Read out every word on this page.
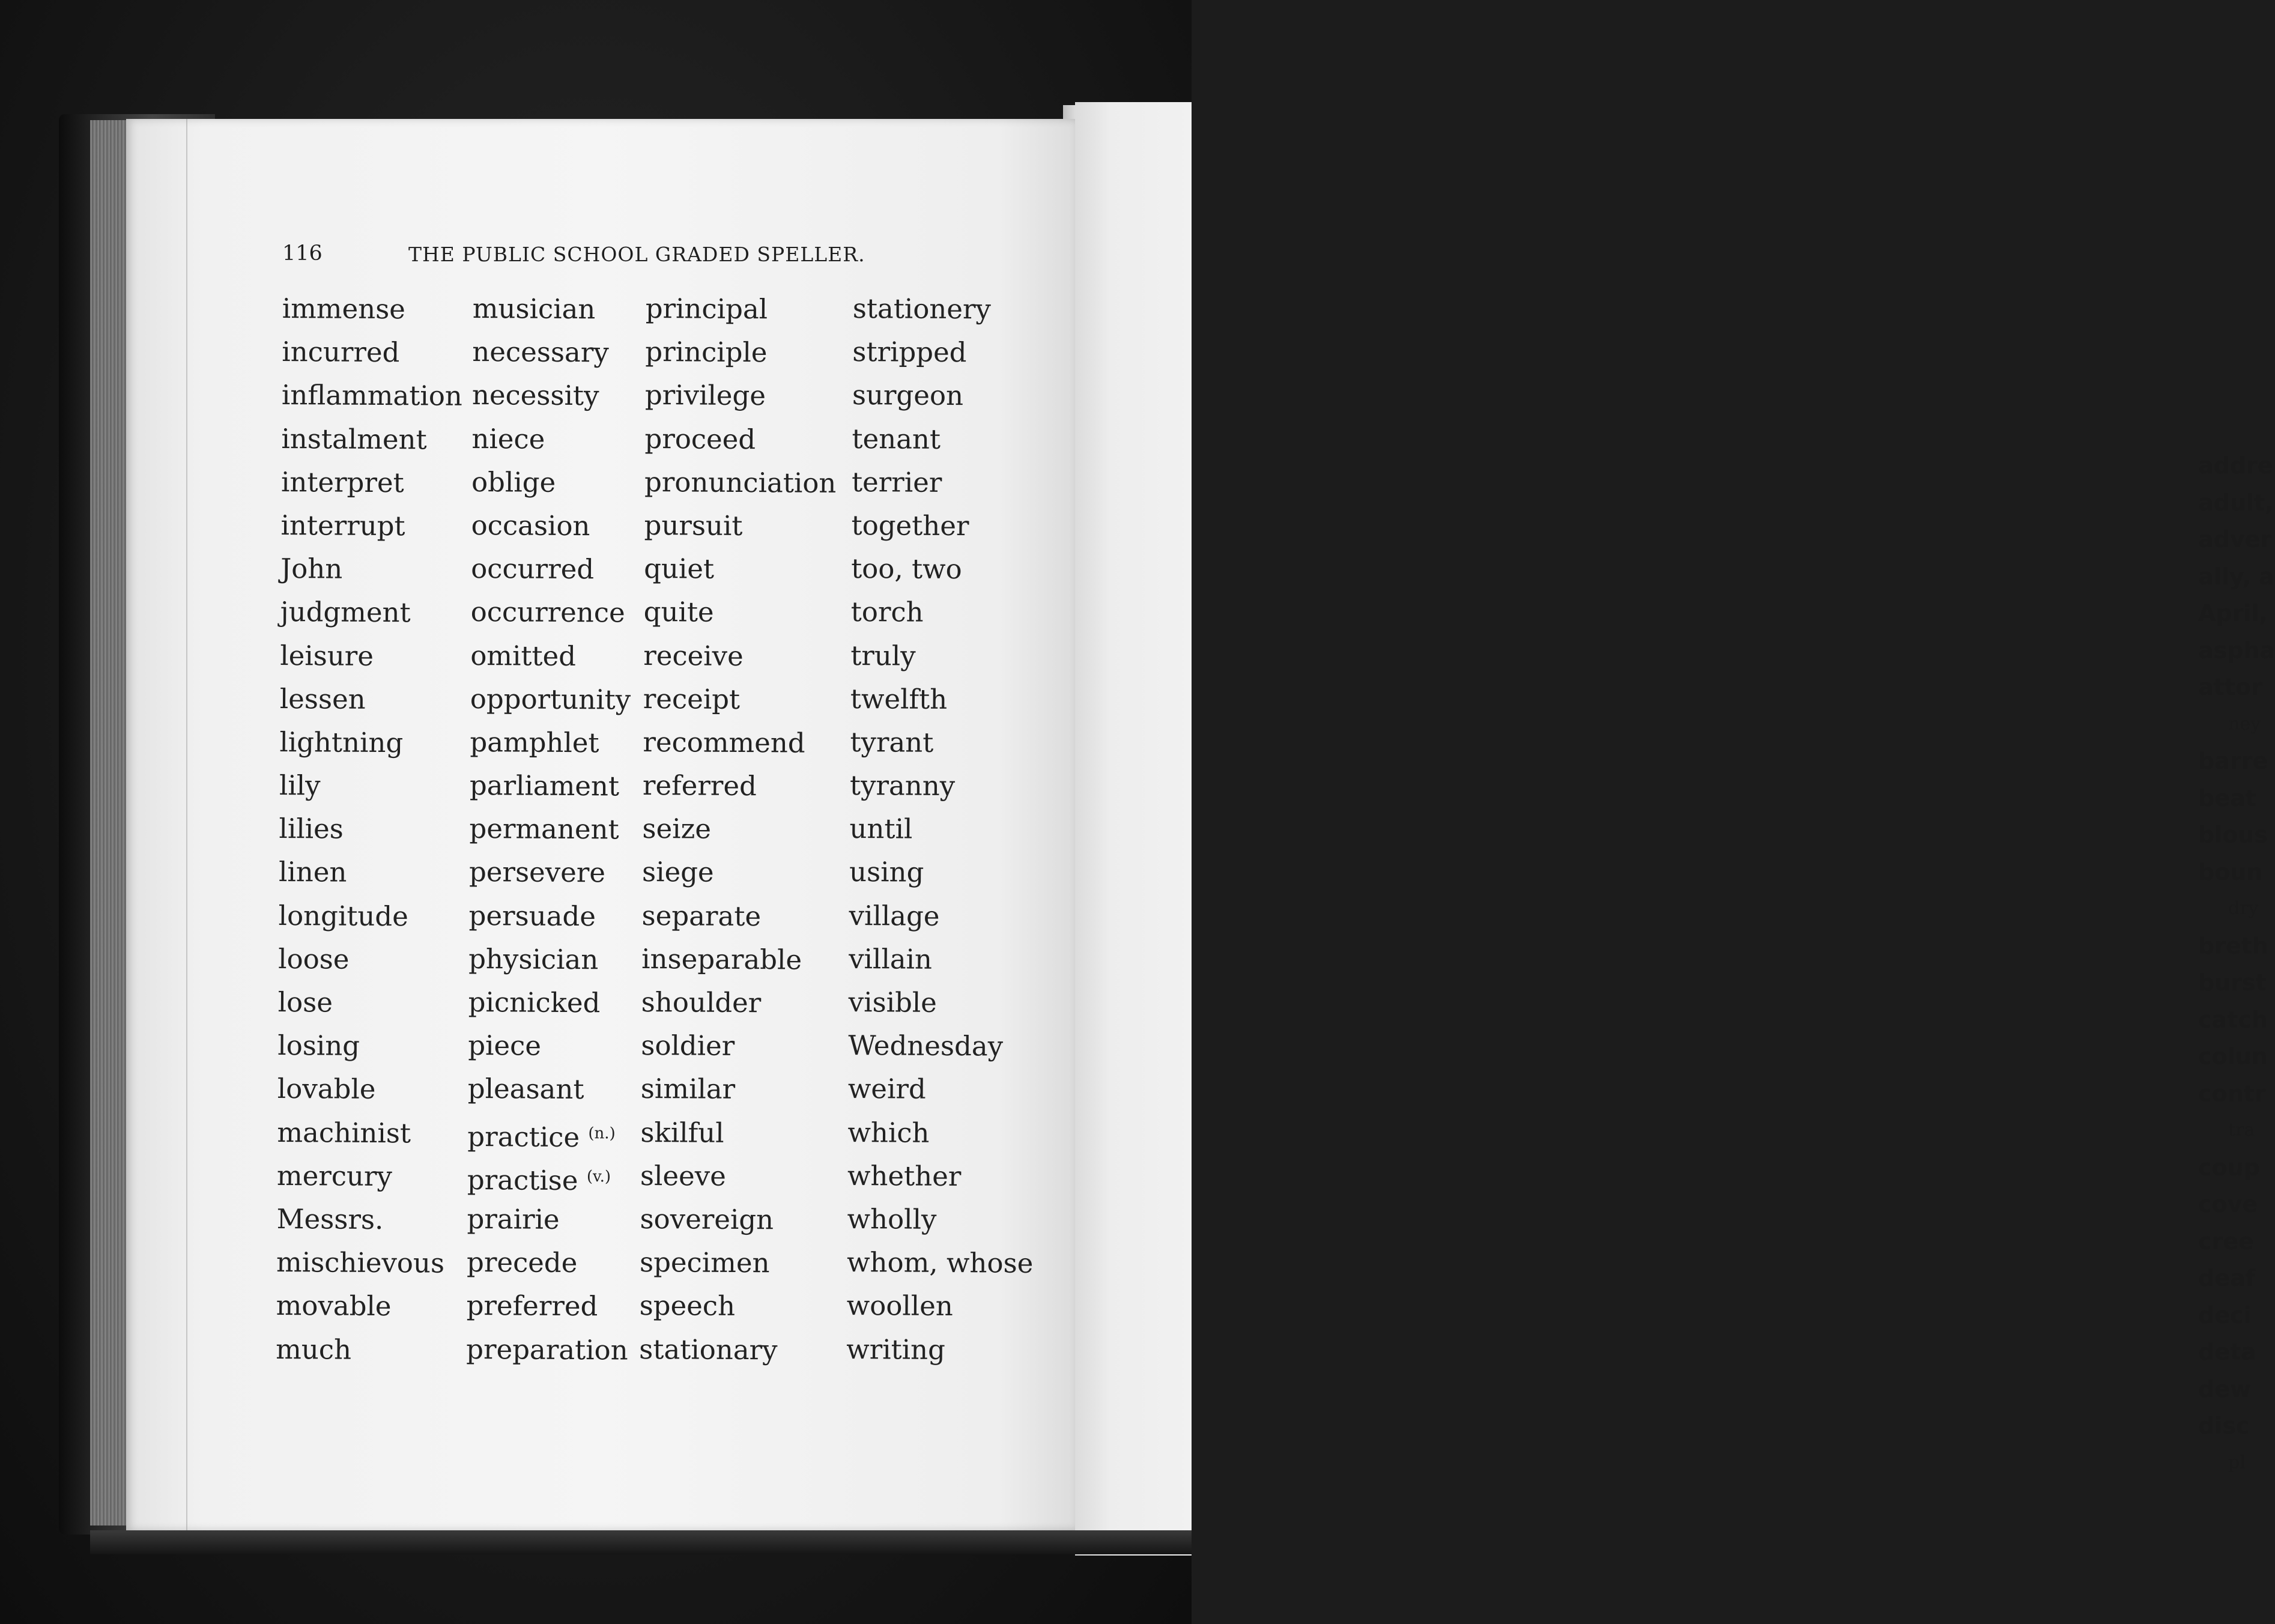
addre
adult,
adver
ally, a
April,
aspha
attor
ney
barre
beat
blous
boun
dry
breth
burst
catch
colun
contr
tra
coup
cove
cree
deaf
deci
deta
dew
disc
pl
116	THE PUBLIC SCHOOL GRADED SPELLER.
immense
incurred
inflammation
instalment
interpret
interrupt
John
judgment
leisure
lessen
lightning
lily
lilies
linen
longitude
loose
lose
losing
lovable
machinist
mercury
Messrs.
mischievous
movable
much
musician
necessary
necessity
niece
oblige
occasion
occurred
occurrence
omitted
opportunity
pamphlet
parliament
permanent
persevere
persuade
physician
picnicked
piece
pleasant
practice $^{(n.)}$
practise $^{(v.)}$
prairie
precede
preferred
preparation
principal
principle
privilege
proceed
pronunciation
pursuit
quiet
quite
receive
receipt
recommend
referred
seize
siege
separate
inseparable
shoulder
soldier
similar
skilful
sleeve
sovereign
specimen
speech
stationary
stationery
stripped
surgeon
tenant
terrier
together
too, two
torch
truly
twelfth
tyrant
tyranny
until
using
village
villain
visible
Wednesday
weird
which
whether
wholly
whom, whose
woollen
writing
